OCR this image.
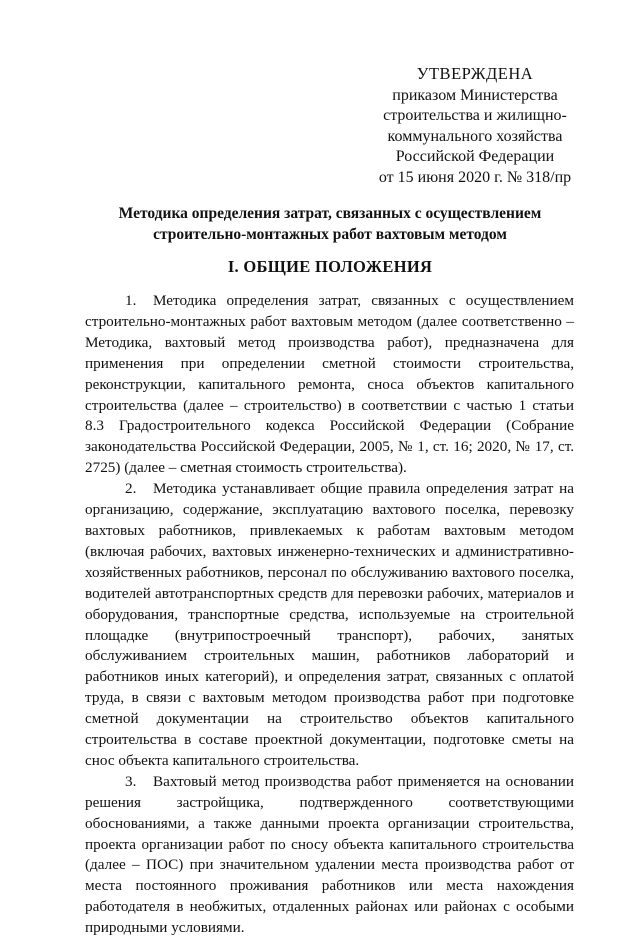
УТВЕРЖДЕНА
приказом Министерства
строительства и жилищно-
коммунального хозяйства
Российской Федерации
от 15 июня 2020 г. № 318/пр
Методика определения затрат, связанных с осуществлением
строительно-монтажных работ вахтовым методом
I. ОБЩИЕ ПОЛОЖЕНИЯ

1. Методика определения затрат, связанных с осуществлением строительно-монтажных работ вахтовым методом (далее соответственно – Методика, вахтовый метод производства работ), предназначена для применения при определении сметной стоимости строительства, реконструкции, капитального ремонта, сноса объектов капитального строительства (далее – строительство) в соответствии с частью 1 статьи 8.3 Градостроительного кодекса Российской Федерации (Собрание законодательства Российской Федерации, 2005, № 1, ст. 16; 2020, № 17, ст. 2725) (далее – сметная стоимость строительства).

2. Методика устанавливает общие правила определения затрат на организацию, содержание, эксплуатацию вахтового поселка, перевозку вахтовых работников, привлекаемых к работам вахтовым методом (включая рабочих, вахтовых инженерно-технических и административно-хозяйственных работников, персонал по обслуживанию вахтового поселка, водителей автотранспортных средств для перевозки рабочих, материалов и оборудования, транспортные средства, используемые на строительной площадке (внутрипостроечный транспорт), рабочих, занятых обслуживанием строительных машин, работников лабораторий и работников иных категорий), и определения затрат, связанных с оплатой труда, в связи с вахтовым методом производства работ при подготовке сметной документации на строительство объектов капитального строительства в составе проектной документации, подготовке сметы на снос объекта капитального строительства.

3. Вахтовый метод производства работ применяется на основании решения застройщика, подтвержденного соответствующими обоснованиями, а также данными проекта организации строительства, проекта организации работ по сносу объекта капитального строительства (далее – ПОС) при значительном удалении места производства работ от места постоянного проживания работников или места нахождения работодателя в необжитых, отдаленных районах или районах с особыми природными условиями.
